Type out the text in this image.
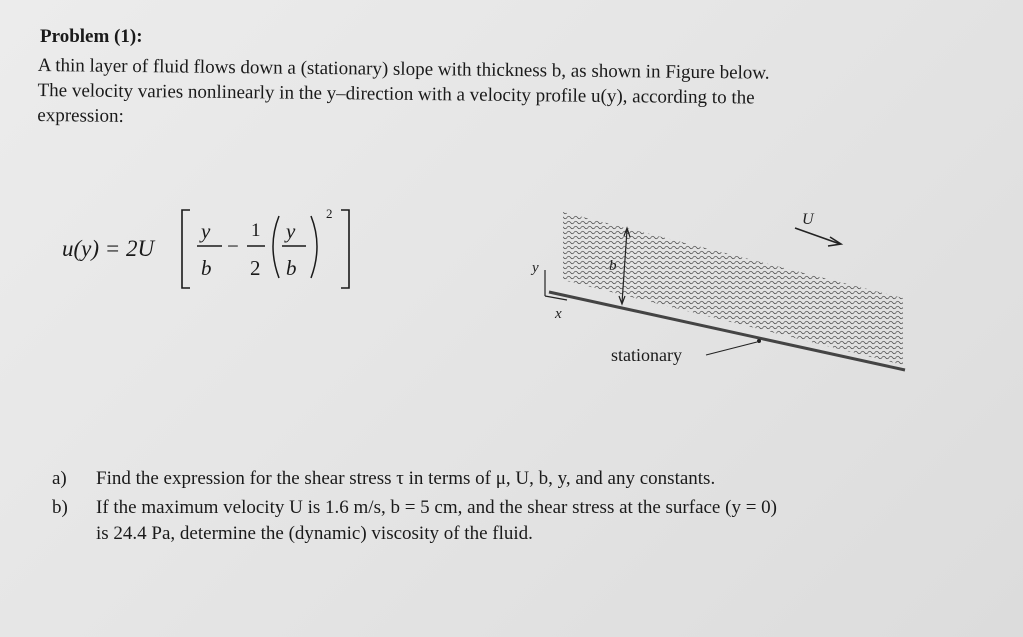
Problem (1):
A thin layer of fluid flows down a (stationary) slope with thickness b, as shown in Figure below.
The velocity varies nonlinearly in the y–direction with a velocity profile u(y), according to the
expression:
u(y) = 2U
y
b
−
1
2
y
b
2
b
y
x
U
stationary
a) Find the expression for the shear stress τ in terms of μ, U, b, y, and any constants.
b) If the maximum velocity U is 1.6 m/s, b = 5 cm, and the shear stress at the surface (y = 0)
is 24.4 Pa, determine the (dynamic) viscosity of the fluid.
